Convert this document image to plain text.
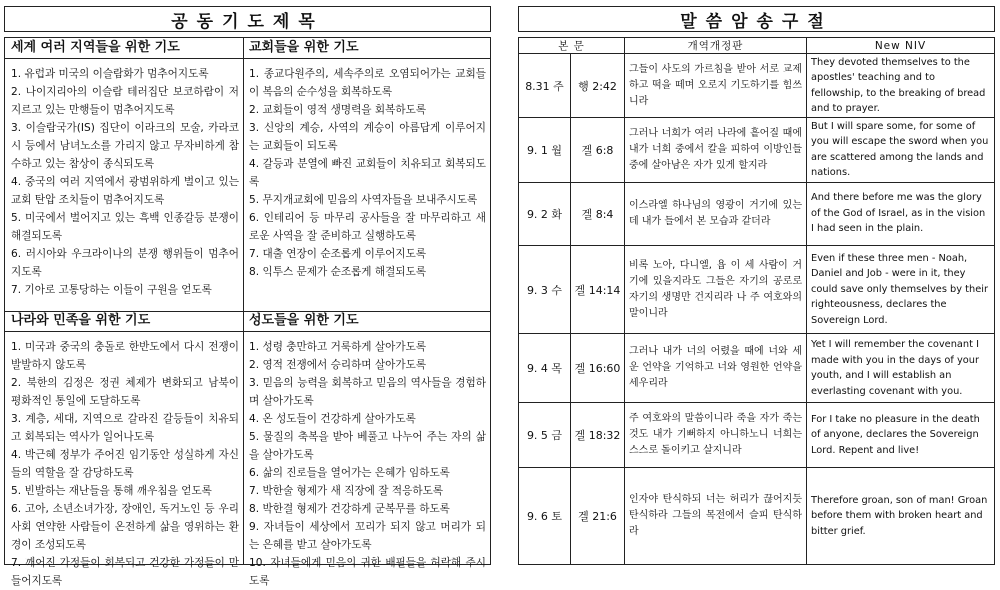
공동기도제목
세계 여러 지역들을 위한 기도
1. 유럽과 미국의 이슬람화가 멈추어지도록
2. 나이지리아의 이슬람 테러집단 보코하람이 저지르고 있는 만행들이 멈추어지도록
3. 이슬람국가(IS) 집단이 이라크의 모술, 카라코시 등에서 남녀노소를 가리지 않고 무자비하게 참수하고 있는 참상이 종식되도록
4. 중국의 여러 지역에서 광범위하게 벌이고 있는 교회 탄압 조치들이 멈추어지도록
5. 미국에서 벌어지고 있는 흑백 인종갈등 분쟁이 해결되도록
6. 러시아와 우크라이나의 분쟁 행위들이 멈추어지도록
7. 기아로 고통당하는 이들이 구원을 얻도록
교회들을 위한 기도
1. 종교다원주의, 세속주의로 오염되어가는 교회들이 복음의 순수성을 회복하도록
2. 교회들이 영적 생명력을 회복하도록
3. 신앙의 계승, 사역의 계승이 아름답게 이루어지는 교회들이 되도록
4. 갈등과 분열에 빠진 교회들이 치유되고 회복되도록
5. 무지개교회에 믿음의 사역자들을 보내주시도록
6. 인테리어 등 마무리 공사들을 잘 마무리하고 새로운 사역을 잘 준비하고 실행하도록
7. 대출 연장이 순조롭게 이루어지도록
8. 익투스 문제가 순조롭게 해결되도록
나라와 민족을 위한 기도
1. 미국과 중국의 충돌로 한반도에서 다시 전쟁이 발발하지 않도록
2. 북한의 김정은 정권 체제가 변화되고 남북이 평화적인 통일에 도달하도록
3. 계층, 세대, 지역으로 갈라진 갈등들이 치유되고 회복되는 역사가 일어나도록
4. 박근혜 정부가 주어진 임기동안 성실하게 자신들의 역할을 잘 감당하도록
5. 빈발하는 재난들을 통해 깨우침을 얻도록
6. 고아, 소년소녀가장, 장애인, 독거노인 등 우리 사회 연약한 사람들이 온전하게 삶을 영위하는 환경이 조성되도록
7. 깨어진 가정들이 회복되고 건강한 가정들이 만들어지도록
성도들을 위한 기도
1. 성령 충만하고 거룩하게 살아가도록
2. 영적 전쟁에서 승리하며 살아가도록
3. 믿음의 능력을 회복하고 믿음의 역사들을 경험하며 살아가도록
4. 온 성도들이 건강하게 살아가도록
5. 물질의 축복을 받아 베풀고 나누어 주는 자의 삶을 살아가도록
6. 삶의 진로들을 열어가는 은혜가 임하도록
7. 박한술 형제가 새 직장에 잘 적응하도록
8. 박한결 형제가 건강하게 군복무를 하도록
9. 자녀들이 세상에서 꼬리가 되지 않고 머리가 되는 은혜를 받고 살아가도록
10. 자녀들에게 믿음의 귀한 배필들을 허락해 주시도록
말씀암송구절
본 문		개역개정판	New NIV
8.31 주	행 2:42	그들이 사도의 가르침을 받아 서로 교제하고 떡을 떼며 오로지 기도하기를 힘쓰니라	They devoted themselves to the apostles' teaching and to fellowship, to the breaking of bread and to prayer.
9. 1 월	겔 6:8	그러나 너희가 여러 나라에 흩어질 때에 내가 너희 중에서 칼을 피하여 이방인들 중에 살아남은 자가 있게 할지라	But I will spare some, for some of you will escape the sword when you are scattered among the lands and nations.
9. 2 화	겔 8:4	이스라엘 하나님의 영광이 거기에 있는데 내가 들에서 본 모습과 같더라	And there before me was the glory of the God of Israel, as in the vision I had seen in the plain.
9. 3 수	겔 14:14	비록 노아, 다니엘, 욥 이 세 사람이 거기에 있을지라도 그들은 자기의 공로로 자기의 생명만 건지리라 나 주 여호와의 말이니라	Even if these three men - Noah, Daniel and Job - were in it, they could save only themselves by their righteousness, declares the Sovereign Lord.
9. 4 목	겔 16:60	그러나 내가 너의 어렸을 때에 너와 세운 언약을 기억하고 너와 영원한 언약을 세우리라	Yet I will remember the covenant I made with you in the days of your youth, and I will establish an everlasting covenant with you.
9. 5 금	겔 18:32	주 여호와의 말씀이니라 죽을 자가 죽는 것도 내가 기뻐하지 아니하노니 너희는 스스로 돌이키고 살지니라	For I take no pleasure in the death of anyone, declares the Sovereign Lord. Repent and live!
9. 6 토	겔 21:6	인자야 탄식하되 너는 허리가 끊어지듯 탄식하라 그들의 목전에서 슬피 탄식하라	Therefore groan, son of man! Groan before them with broken heart and bitter grief.
